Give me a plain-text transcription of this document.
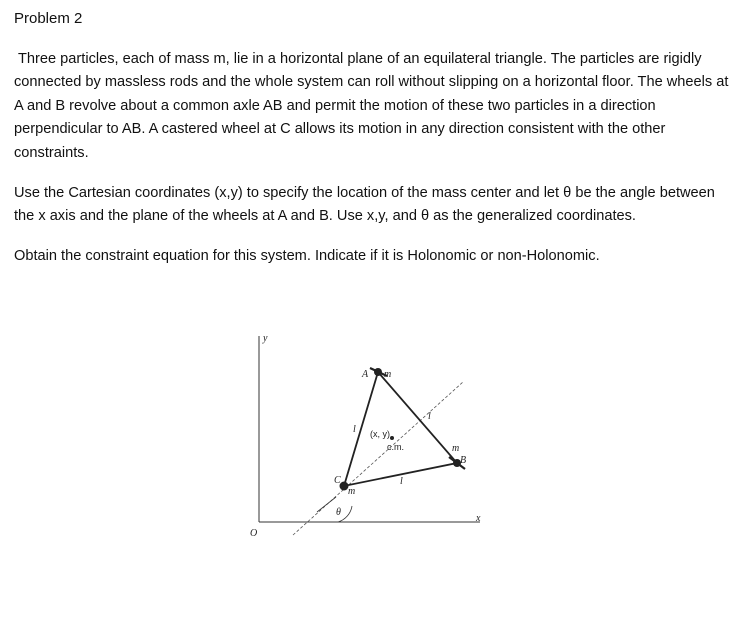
Problem 2

Three particles, each of mass m, lie in a horizontal plane of an equilateral triangle. The particles are rigidly connected by massless rods and the whole system can roll without slipping on a horizontal floor. The wheels at A and B revolve about a common axle AB and permit the motion of these two particles in a direction perpendicular to AB. A castered wheel at C allows its motion in any direction consistent with the other constraints.

Use the Cartesian coordinates (x,y) to specify the location of the mass center and let θ be the angle between the x axis and the plane of the wheels at A and B. Use x,y, and θ as the generalized coordinates.

Obtain the constraint equation for this system. Indicate if it is Holonomic or non-Holonomic.

y
x
O
A m
B
m
C
m
l
l
l
(x, y)
c.m.
θ
